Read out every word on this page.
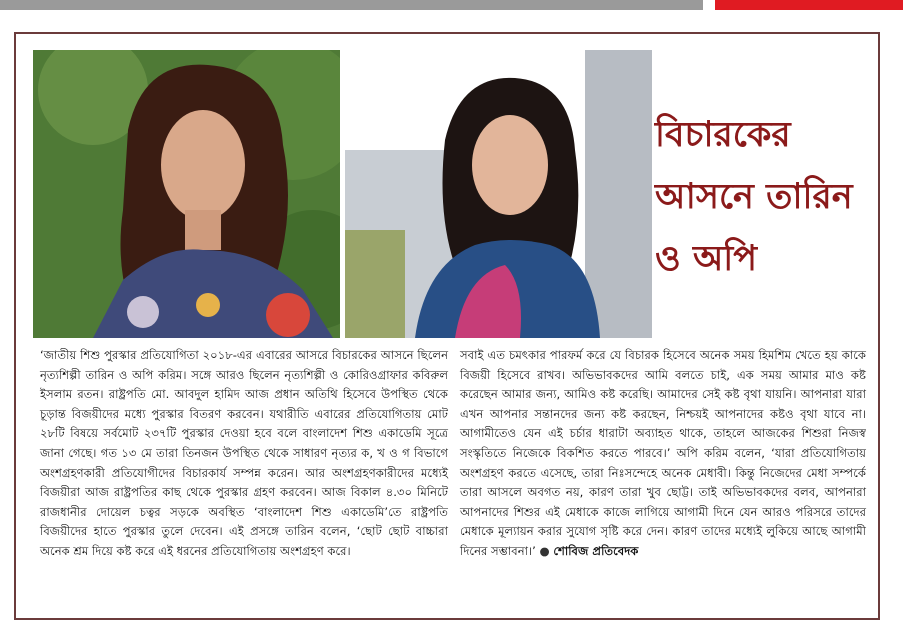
বিচারকের
আসনে তারিন
ও অপি

‘জাতীয় শিশু পুরস্কার প্রতিযোগিতা ২০১৮-এর এবারের আসরে বিচারকের আসনে ছিলেন নৃত্যশিল্পী তারিন ও অপি করিম। সঙ্গে আরও ছিলেন নৃত্যশিল্পী ও কোরিওগ্রাফার কবিরুল ইসলাম রতন। রাষ্ট্রপতি মো. আবদুল হামিদ আজ প্রধান অতিথি হিসেবে উপস্থিত থেকে চূড়ান্ত বিজয়ীদের মধ্যে পুরস্কার বিতরণ করবেন। যথারীতি এবারের প্রতিযোগিতায় মোট ২৮টি বিষয়ে সর্বমোট ২৩৭টি পুরস্কার দেওয়া হবে বলে বাংলাদেশ শিশু একাডেমি সূত্রে জানা গেছে। গত ১৩ মে তারা তিনজন উপস্থিত থেকে সাধারণ নৃত্যর ক, খ ও গ বিভাগে অংশগ্রহণকারী প্রতিযোগীদের বিচারকার্য সম্পন্ন করেন। আর অংশগ্রহণকারীদের মধ্যেই বিজয়ীরা আজ রাষ্ট্রপতির কাছ থেকে পুরস্কার গ্রহণ করবেন। আজ বিকাল ৪.৩০ মিনিটে রাজধানীর দোয়েল চত্বর সড়কে অবস্থিত ‘বাংলাদেশ শিশু একাডেমি’তে রাষ্ট্রপতি বিজয়ীদের হাতে পুরস্কার তুলে দেবেন। এই প্রসঙ্গে তারিন বলেন, ‘ছোট ছোট বাচ্চারা অনেক শ্রম দিয়ে কষ্ট করে এই ধরনের প্রতিযোগিতায় অংশগ্রহণ করে।

সবাই এত চমৎকার পারফর্ম করে যে বিচারক হিসেবে অনেক সময় হিমশিম খেতে হয় কাকে বিজয়ী হিসেবে রাখব। অভিভাবকদের আমি বলতে চাই, এক সময় আমার মাও কষ্ট করেছেন আমার জন্য, আমিও কষ্ট করেছি। আমাদের সেই কষ্ট বৃথা যায়নি। আপনারা যারা এখন আপনার সন্তানদের জন্য কষ্ট করছেন, নিশ্চয়ই আপনাদের কষ্টও বৃথা যাবে না। আগামীতেও যেন এই চর্চার ধারাটা অব্যাহত থাকে, তাহলে আজকের শিশুরা নিজস্ব সংস্কৃতিতে নিজেকে বিকশিত করতে পারবে।’ অপি করিম বলেন, ‘যারা প্রতিযোগিতায় অংশগ্রহণ করতে এসেছে, তারা নিঃসন্দেহে অনেক মেধাবী। কিন্তু নিজেদের মেধা সম্পর্কে তারা আসলে অবগত নয়, কারণ তারা খুব ছোট্ট। তাই অভিভাবকদের বলব, আপনারা আপনাদের শিশুর এই মেধাকে কাজে লাগিয়ে আগামী দিনে যেন আরও পরিসরে তাদের মেধাকে মূল্যায়ন করার সুযোগ সৃষ্টি করে দেন। কারণ তাদের মধ্যেই লুকিয়ে আছে আগামী দিনের সম্ভাবনা।’ ● শোবিজ প্রতিবেদক
